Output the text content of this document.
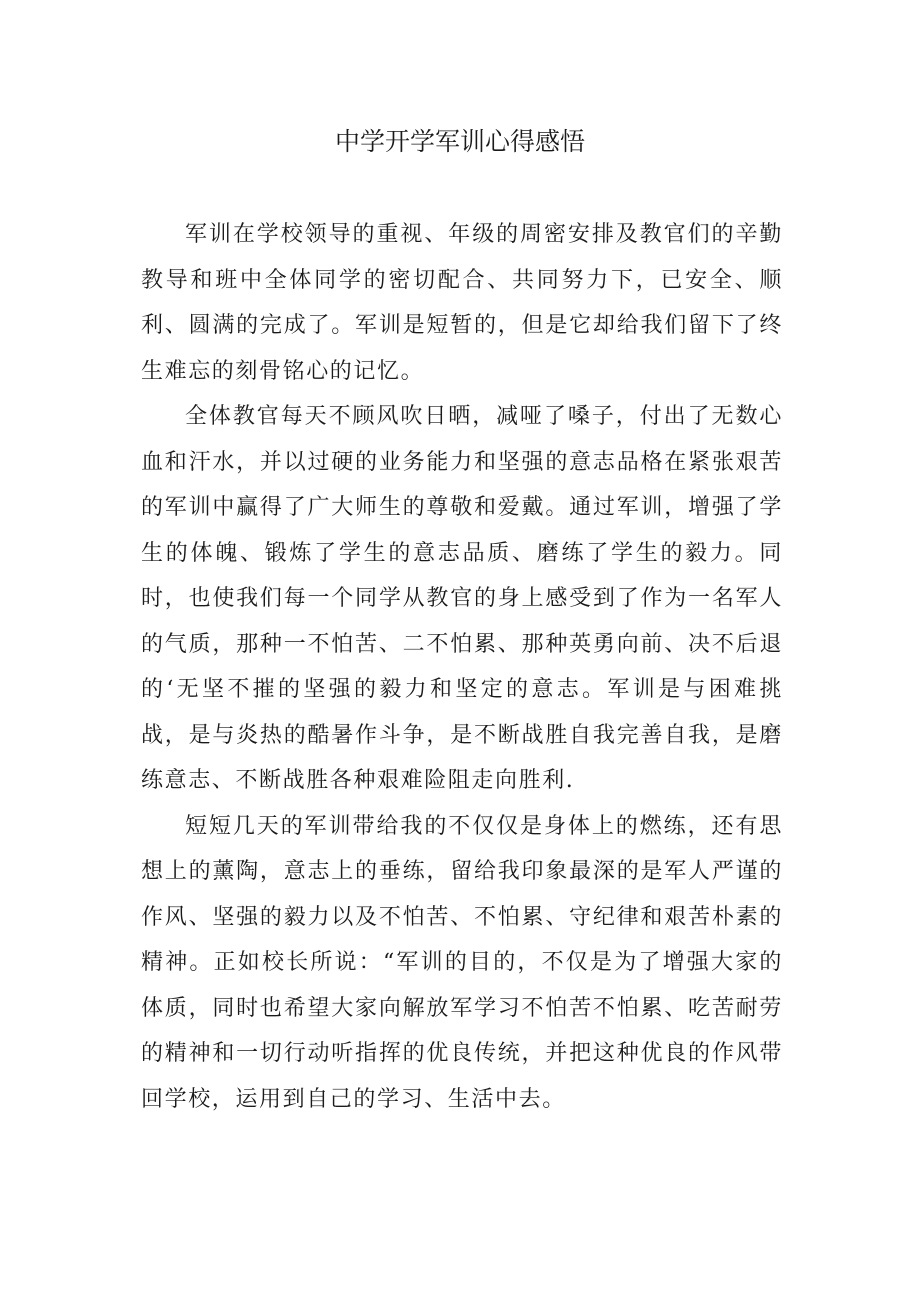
中学开学军训心得感悟

军训在学校领导的重视、年级的周密安排及教官们的辛勤教导和班中全体同学的密切配合、共同努力下，已安全、顺利、圆满的完成了。军训是短暂的，但是它却给我们留下了终生难忘的刻骨铭心的记忆。

全体教官每天不顾风吹日晒，减哑了嗓子，付出了无数心血和汗水，并以过硬的业务能力和坚强的意志品格在紧张艰苦的军训中赢得了广大师生的尊敬和爱戴。通过军训，增强了学生的体魄、锻炼了学生的意志品质、磨练了学生的毅力。同时，也使我们每一个同学从教官的身上感受到了作为一名军人的气质，那种一不怕苦、二不怕累、那种英勇向前、决不后退的‘无坚不摧的坚强的毅力和坚定的意志。军训是与困难挑战，是与炎热的酷暑作斗争，是不断战胜自我完善自我，是磨练意志、不断战胜各种艰难险阻走向胜利.

短短几天的军训带给我的不仅仅是身体上的燃练，还有思想上的薰陶，意志上的垂练，留给我印象最深的是军人严谨的作风、坚强的毅力以及不怕苦、不怕累、守纪律和艰苦朴素的精神。正如校长所说：“军训的目的，不仅是为了增强大家的体质，同时也希望大家向解放军学习不怕苦不怕累、吃苦耐劳的精神和一切行动听指挥的优良传统，并把这种优良的作风带回学校，运用到自己的学习、生活中去。
